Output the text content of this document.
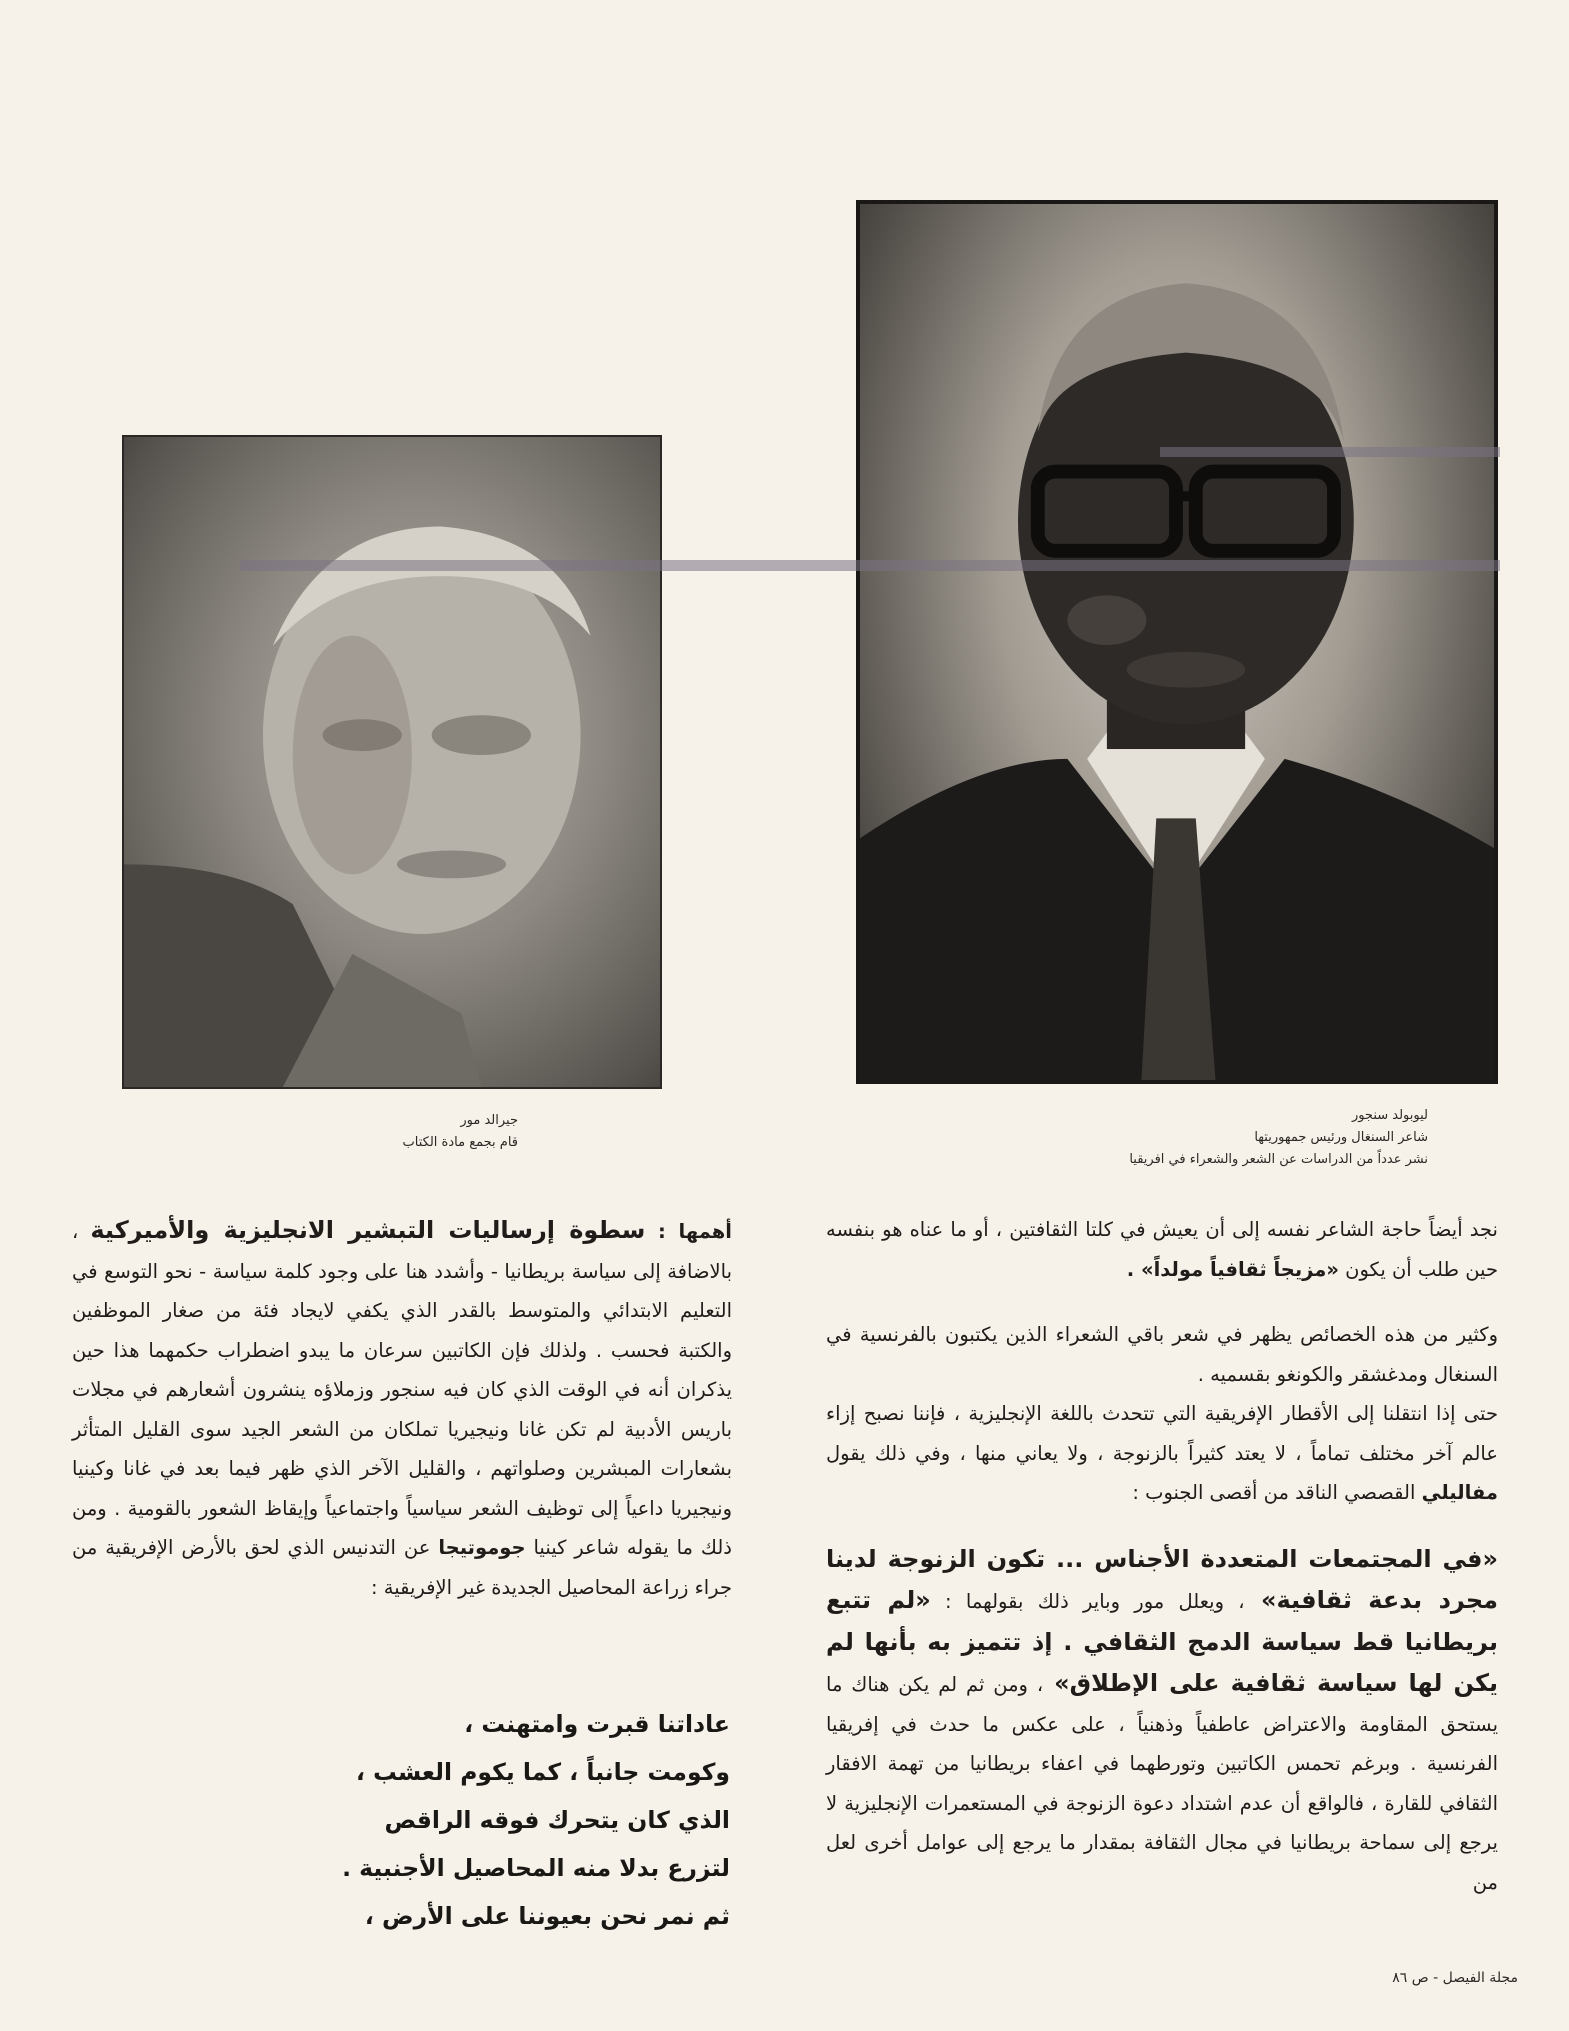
ليوبولد سنجور
شاعر السنغال ورئيس جمهوريتها
نشر عدداً من الدراسات عن الشعر والشعراء في افريقيا
جيرالد مور
قام بجمع مادة الكتاب

نجد أيضاً حاجة الشاعر نفسه إلى أن يعيش في كلتا الثقافتين ، أو ما عناه هو بنفسه حين طلب أن يكون «مزيجاً ثقافياً مولداً» .

وكثير من هذه الخصائص يظهر في شعر باقي الشعراء الذين يكتبون بالفرنسية في السنغال ومدغشقر والكونغو بقسميه .

حتى إذا انتقلنا إلى الأقطار الإفريقية التي تتحدث باللغة الإنجليزية ، فإننا نصبح إزاء عالم آخر مختلف تماماً ، لا يعتد كثيراً بالزنوجة ، ولا يعاني منها ، وفي ذلك يقول مفاليلي القصصي الناقد من أقصى الجنوب :

«في المجتمعات المتعددة الأجناس ... تكون الزنوجة لدينا مجرد بدعة ثقافية» ، ويعلل مور وباير ذلك بقولهما : «لم تتبع بريطانيا قط سياسة الدمج الثقافي . إذ تتميز به بأنها لم يكن لها سياسة ثقافية على الإطلاق» ، ومن ثم لم يكن هناك ما يستحق المقاومة والاعتراض عاطفياً وذهنياً ، على عكس ما حدث في إفريقيا الفرنسية . وبرغم تحمس الكاتبين وتورطهما في اعفاء بريطانيا من تهمة الافقار الثقافي للقارة ، فالواقع أن عدم اشتداد دعوة الزنوجة في المستعمرات الإنجليزية لا يرجع إلى سماحة بريطانيا في مجال الثقافة بمقدار ما يرجع إلى عوامل أخرى لعل من

أهمها : سطوة إرساليات التبشير الانجليزية والأميركية ، بالاضافة إلى سياسة بريطانيا - وأشدد هنا على وجود كلمة سياسة - نحو التوسع في التعليم الابتدائي والمتوسط بالقدر الذي يكفي لايجاد فئة من صغار الموظفين والكتبة فحسب . ولذلك فإن الكاتبين سرعان ما يبدو اضطراب حكمهما هذا حين يذكران أنه في الوقت الذي كان فيه سنجور وزملاؤه ينشرون أشعارهم في مجلات باريس الأدبية لم تكن غانا ونيجيريا تملكان من الشعر الجيد سوى القليل المتأثر بشعارات المبشرين وصلواتهم ، والقليل الآخر الذي ظهر فيما بعد في غانا وكينيا ونيجيريا داعياً إلى توظيف الشعر سياسياً واجتماعياً وإيقاظ الشعور بالقومية . ومن ذلك ما يقوله شاعر كينيا جوموتيجا عن التدنيس الذي لحق بالأرض الإفريقية من جراء زراعة المحاصيل الجديدة غير الإفريقية :

عاداتنا قبرت وامتهنت ،
وكومت جانباً ، كما يكوم العشب ،
الذي كان يتحرك فوقه الراقص
لتزرع بدلا منه المحاصيل الأجنبية .
ثم نمر نحن بعيوننا على الأرض ،
مجلة الفيصل - ص ٨٦
